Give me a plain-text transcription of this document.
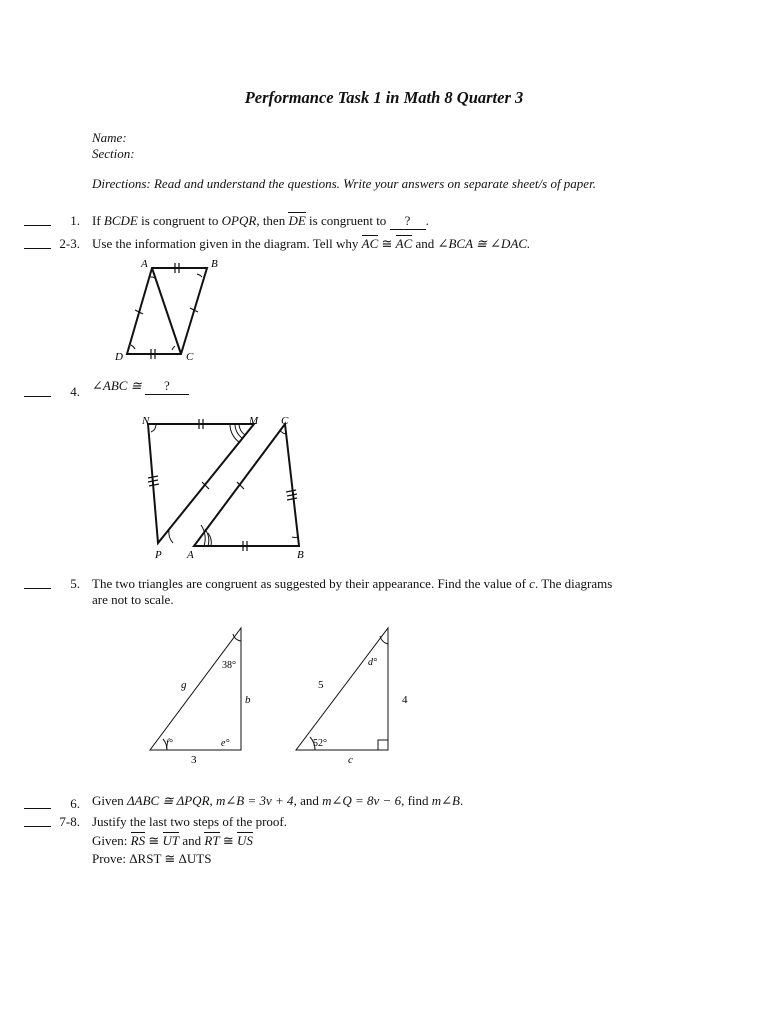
Performance Task 1 in Math 8 Quarter 3
Name:
Section:
Directions: Read and understand the questions. Write your answers on separate sheet/s of paper.
1. If BCDE is congruent to OPQR, then DE is congruent to ? .
2-3. Use the information given in the diagram. Tell why AC ≅ AC and ∠BCA ≅ ∠DAC.
A	B
C
D
4. ∠ABC ≅ ?
N	M C
P A	B
5. The two triangles are congruent as suggested by their appearance. Find the value of c. The diagrams
are not to scale.
g
b
38°
f°	e°
3
5
d°
4
52°
c
6. Given ΔABC ≅ ΔPQR, m∠B = 3v + 4, and m∠Q = 8v − 6, find m∠B.
7-8. Justify the last two steps of the proof.
Given: RS ≅ UT and RT ≅ US
Prove: ΔRST ≅ ΔUTS
